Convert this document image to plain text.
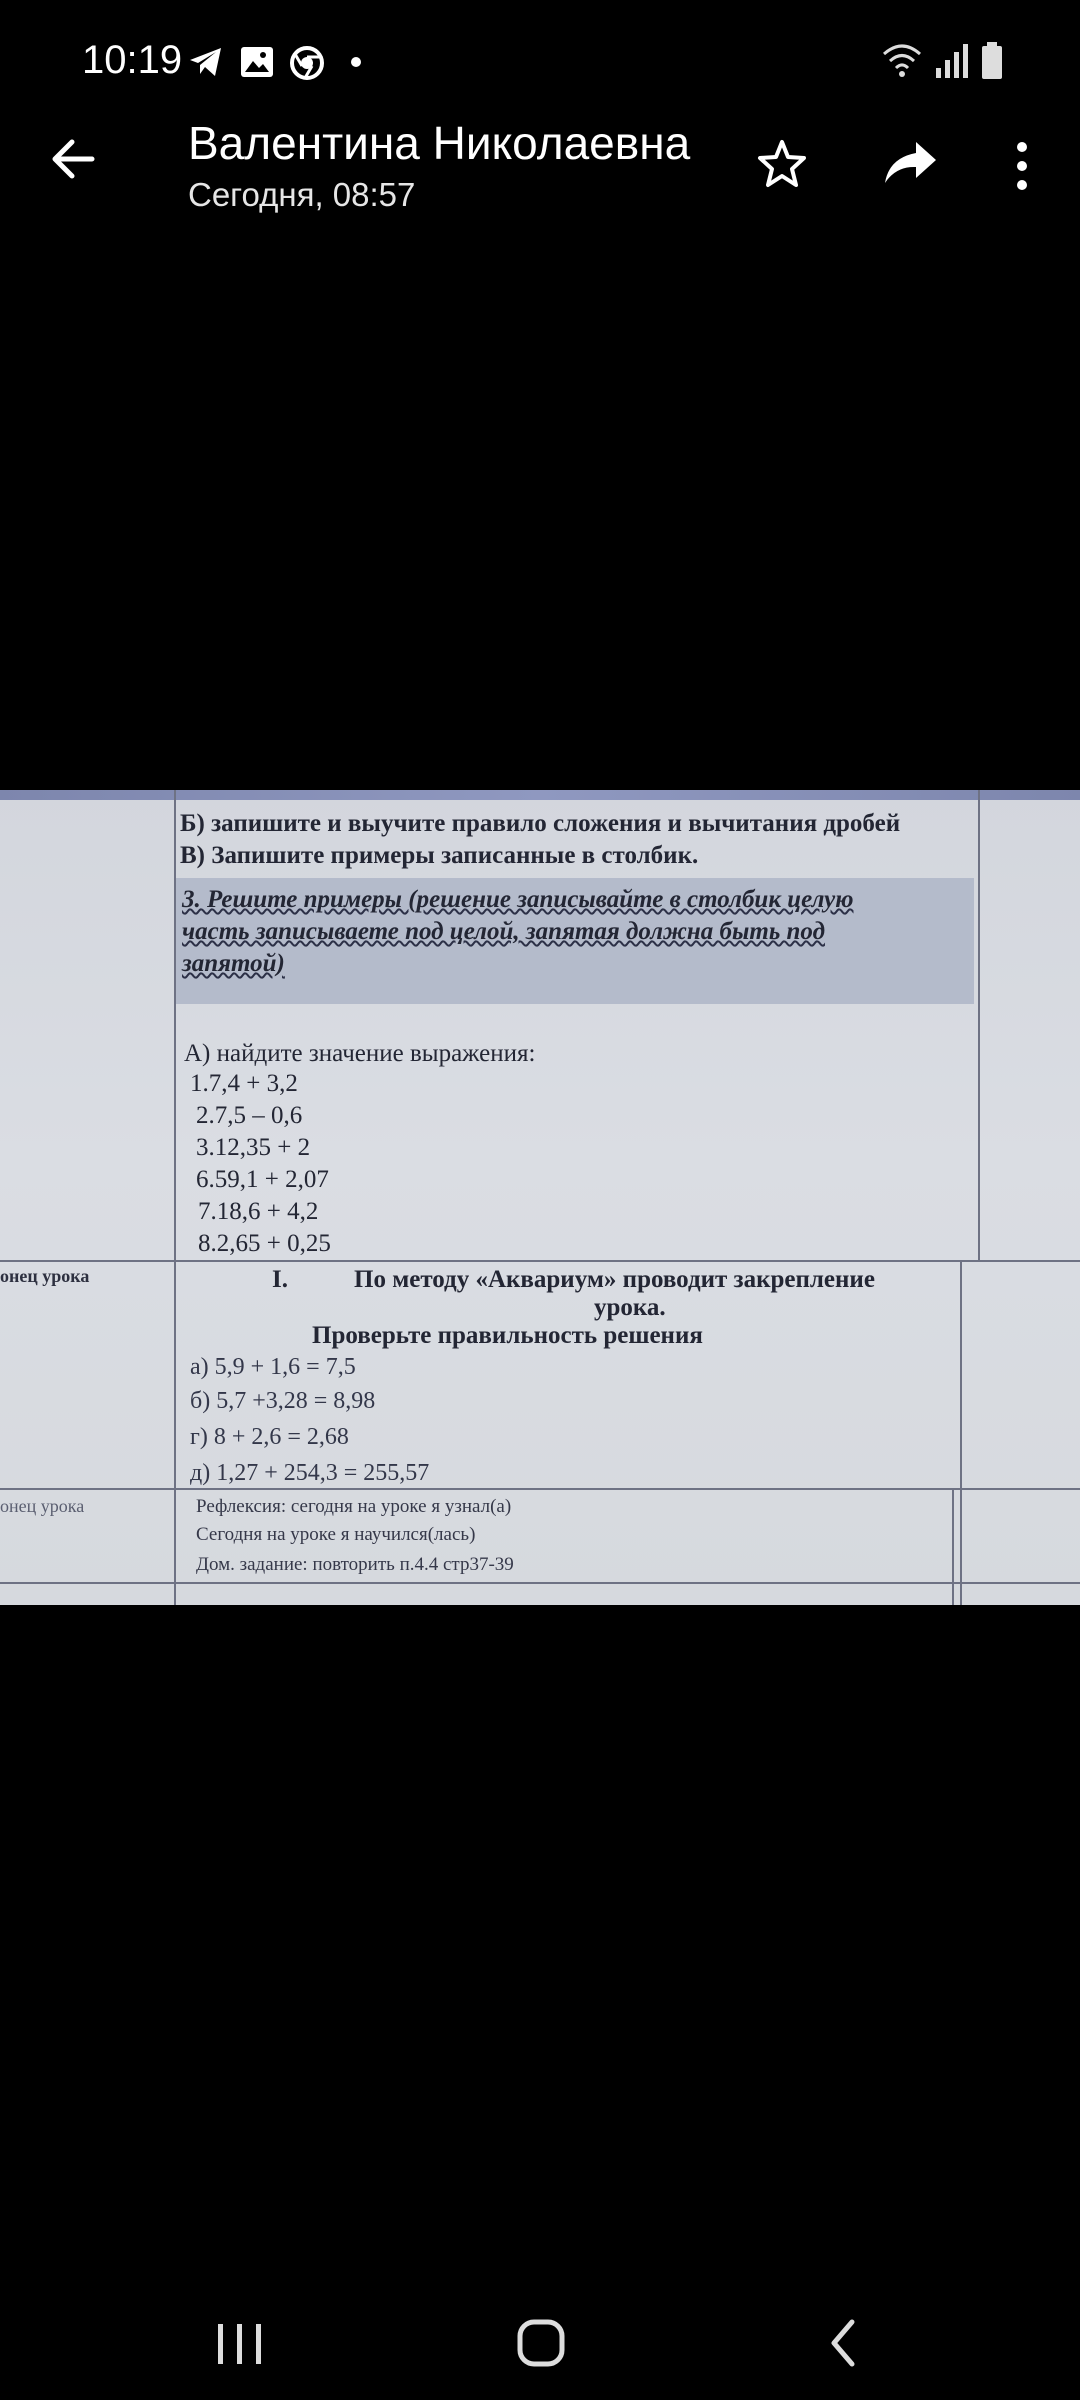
10:19
Валентина Николаевна
Сегодня, 08:57
Б) запишите и выучите правило сложения и вычитания дробей
В) Запишите примеры записанные в столбик.
3. Решите примеры (решение записывайте в столбик целую
часть записываете под целой, запятая должна быть под
запятой)
А) найдите значение выражения:
1.7,4 + 3,2
2.7,5 – 0,6
3.12,35 + 2
6.59,1 + 2,07
7.18,6 + 4,2
8.2,65 + 0,25
онец урока	I.	По методу «Аквариум» проводит закрепление
урока.
Проверьте правильность решения
а) 5,9 + 1,6 = 7,5
б) 5,7 +3,28 = 8,98
г) 8 + 2,6 = 2,68
д) 1,27 + 254,3 = 255,57
онец урока	Рефлексия: сегодня на уроке я узнал(а)
Сегодня на уроке я научился(лась)
Дом. задание: повторить п.4.4 стр37-39
